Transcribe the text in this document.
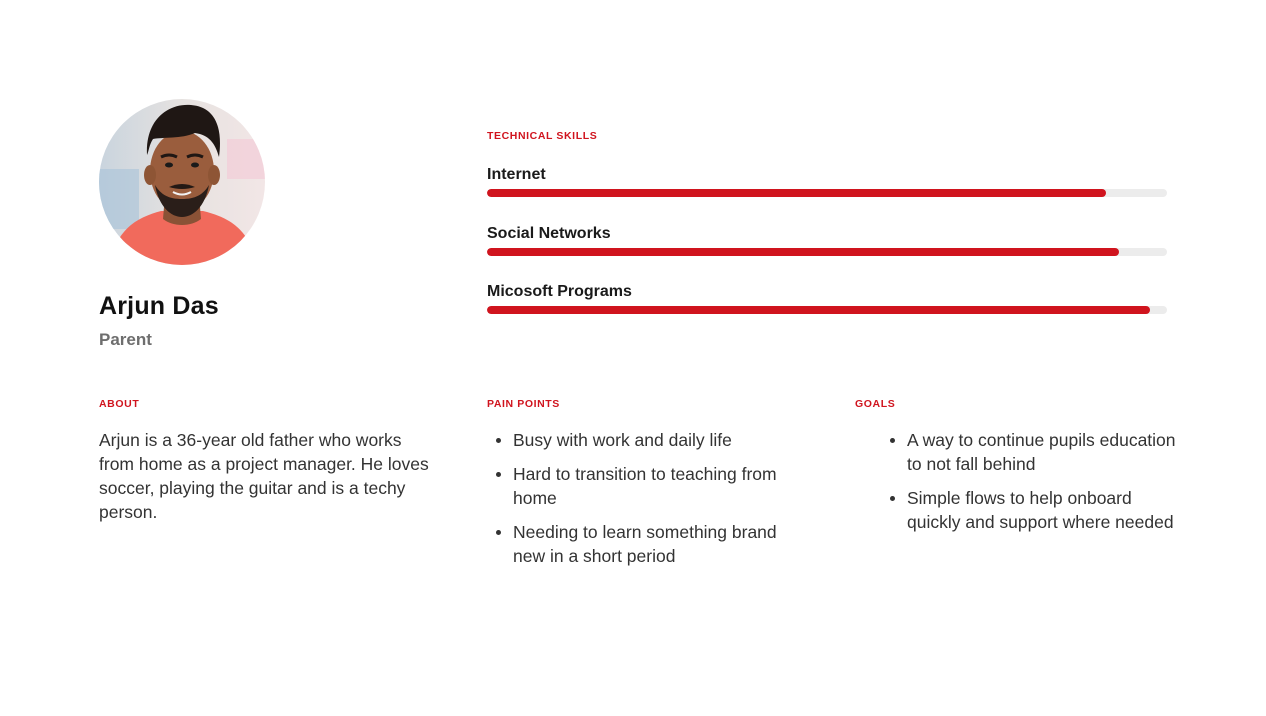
Arjun Das
Parent
TECHNICAL SKILLS
Internet
Social Networks
Micosoft Programs
ABOUT
Arjun is a 36-year old father who works from home as a project manager. He loves soccer, playing the guitar and is a techy person.
PAIN POINTS
Busy with work and daily life
Hard to transition to teaching from home
Needing to learn something brand new in a short period
GOALS
A way to continue pupils education to not fall behind
Simple flows to help onboard quickly and support where needed
